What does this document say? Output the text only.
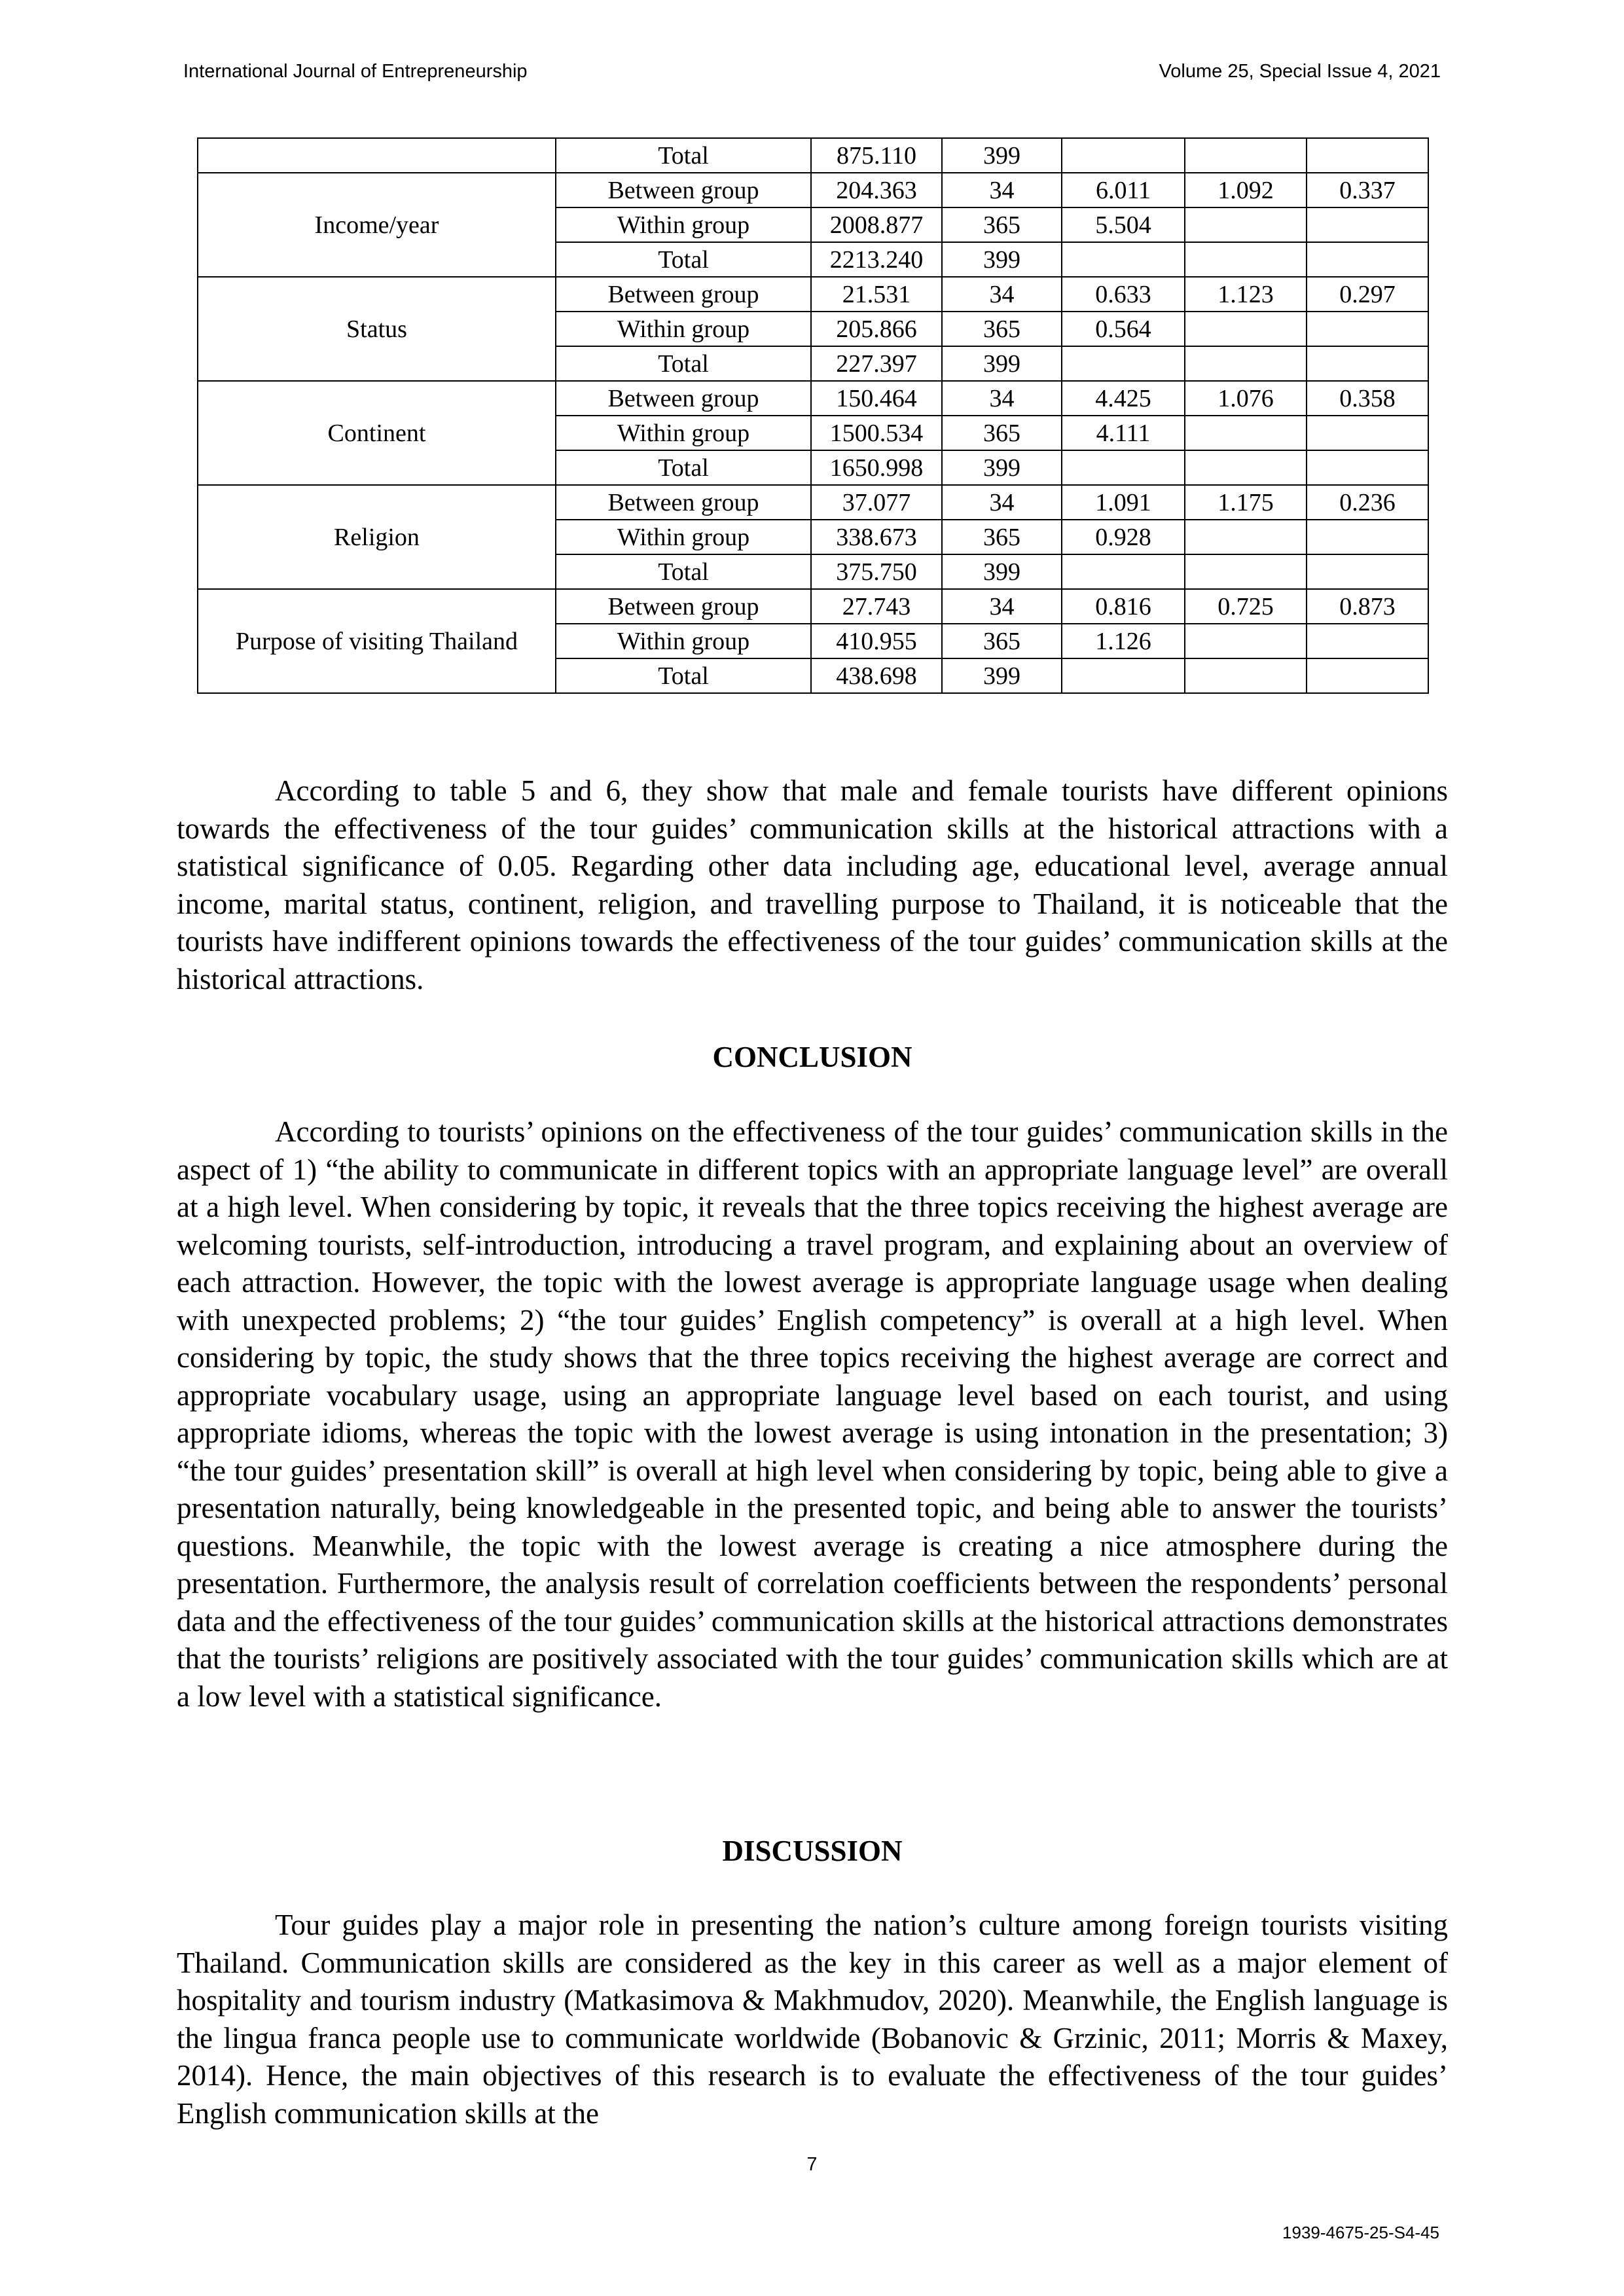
International Journal of Entrepreneurship	Volume 25, Special Issue 4, 2021
	Total	875.110	399			
Income/year	Between group	204.363	34	6.011	1.092	0.337
	Within group	2008.877	365	5.504		
	Total	2213.240	399			
Status	Between group	21.531	34	0.633	1.123	0.297
	Within group	205.866	365	0.564		
	Total	227.397	399			
Continent	Between group	150.464	34	4.425	1.076	0.358
	Within group	1500.534	365	4.111		
	Total	1650.998	399			
Religion	Between group	37.077	34	1.091	1.175	0.236
	Within group	338.673	365	0.928		
	Total	375.750	399			
Purpose of visiting Thailand	Between group	27.743	34	0.816	0.725	0.873
	Within group	410.955	365	1.126		
	Total	438.698	399			

According to table 5 and 6, they show that male and female tourists have different opinions towards the effectiveness of the tour guides’ communication skills at the historical attractions with a statistical significance of 0.05. Regarding other data including age, educational level, average annual income, marital status, continent, religion, and travelling purpose to Thailand, it is noticeable that the tourists have indifferent opinions towards the effectiveness of the tour guides’ communication skills at the historical attractions.

CONCLUSION

According to tourists’ opinions on the effectiveness of the tour guides’ communication skills in the aspect of 1) “the ability to communicate in different topics with an appropriate language level” are overall at a high level. When considering by topic, it reveals that the three topics receiving the highest average are welcoming tourists, self-introduction, introducing a travel program, and explaining about an overview of each attraction. However, the topic with the lowest average is appropriate language usage when dealing with unexpected problems; 2) “the tour guides’ English competency” is overall at a high level. When considering by topic, the study shows that the three topics receiving the highest average are correct and appropriate vocabulary usage, using an appropriate language level based on each tourist, and using appropriate idioms, whereas the topic with the lowest average is using intonation in the presentation; 3) “the tour guides’ presentation skill” is overall at high level when considering by topic, being able to give a presentation naturally, being knowledgeable in the presented topic, and being able to answer the tourists’ questions. Meanwhile, the topic with the lowest average is creating a nice atmosphere during the presentation. Furthermore, the analysis result of correlation coefficients between the respondents’ personal data and the effectiveness of the tour guides’ communication skills at the historical attractions demonstrates that the tourists’ religions are positively associated with the tour guides’ communication skills which are at a low level with a statistical significance.

DISCUSSION

Tour guides play a major role in presenting the nation’s culture among foreign tourists visiting Thailand. Communication skills are considered as the key in this career as well as a major element of hospitality and tourism industry (Matkasimova & Makhmudov, 2020). Meanwhile, the English language is the lingua franca people use to communicate worldwide (Bobanovic & Grzinic, 2011; Morris & Maxey, 2014). Hence, the main objectives of this research is to evaluate the effectiveness of the tour guides’ English communication skills at the

7
1939-4675-25-S4-45
